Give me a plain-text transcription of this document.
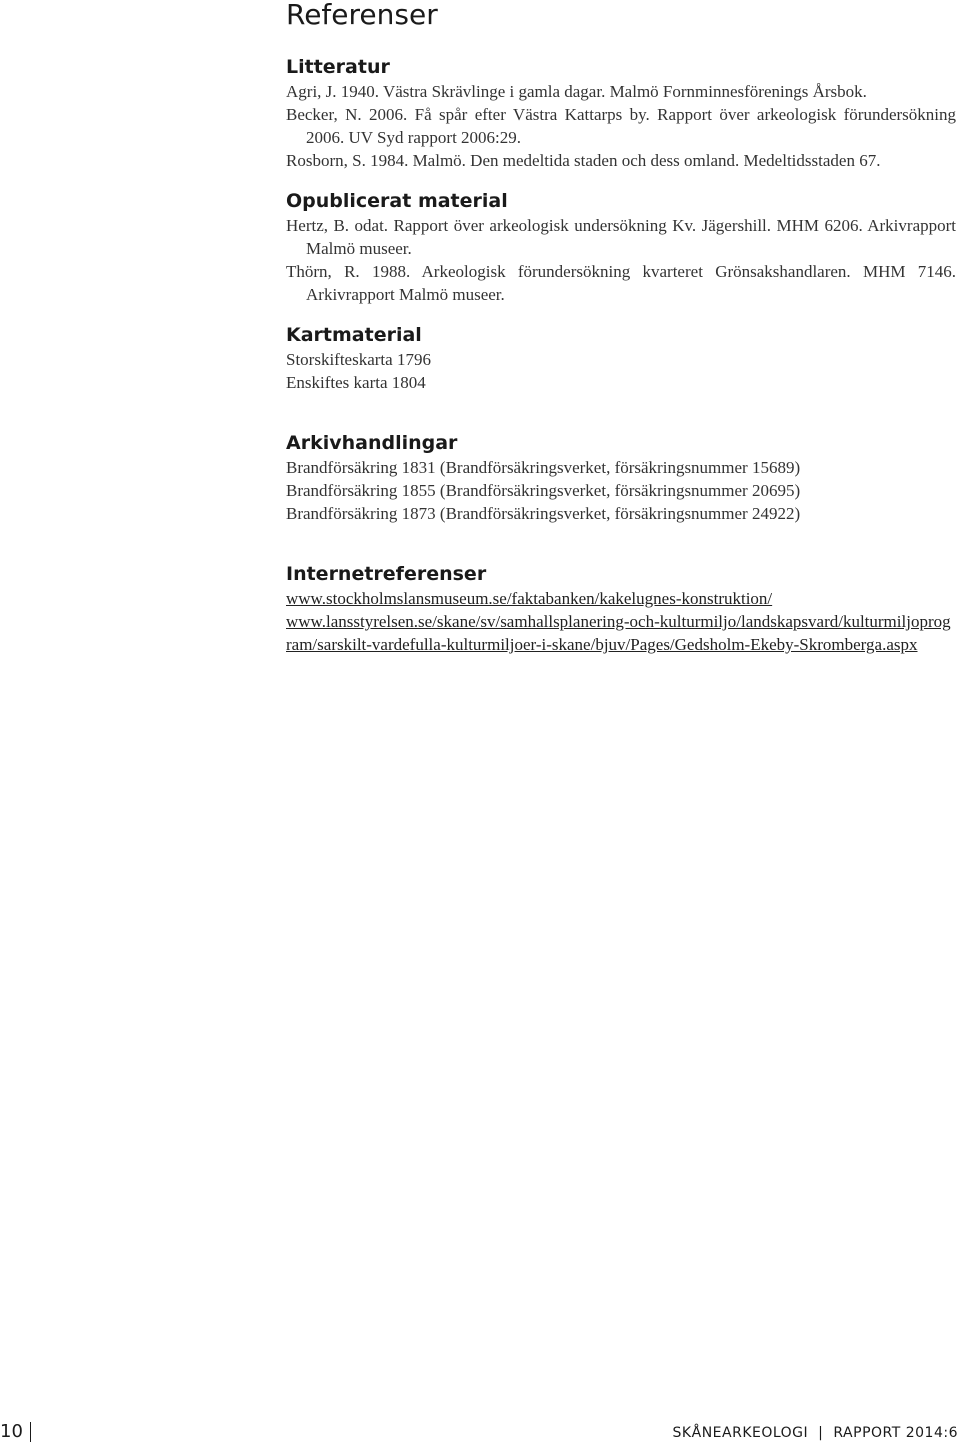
Referenser
Litteratur

Agri, J. 1940. Västra Skrävlinge i gamla dagar. Malmö Fornminnesförenings Årsbok.

Becker, N. 2006. Få spår efter Västra Kattarps by. Rapport över arkeologisk förundersökning 2006. UV Syd rapport 2006:29.

Rosborn, S. 1984. Malmö. Den medeltida staden och dess omland. Medeltidsstaden 67.

Opublicerat material

Hertz, B. odat. Rapport över arkeologisk undersökning Kv. Jägershill. MHM 6206. Arkivrapport Malmö museer.

Thörn, R. 1988. Arkeologisk förundersökning kvarteret Grönsakshandlaren. MHM 7146. Arkivrapport Malmö museer.

Kartmaterial

Storskifteskarta 1796

Enskiftes karta 1804

Arkivhandlingar

Brandförsäkring 1831 (Brandförsäkringsverket, försäkringsnummer 15689)

Brandförsäkring 1855 (Brandförsäkringsverket, försäkringsnummer 20695)

Brandförsäkring 1873 (Brandförsäkringsverket, försäkringsnummer 24922)

Internetreferenser
www.stockholmslansmuseum.se/faktabanken/kakelugnes-konstruktion/
www.lansstyrelsen.se/skane/sv/samhallsplanering-och-kulturmiljo/landskapsvard/kulturmiljoprogram/sarskilt-vardefulla-kulturmiljoer-i-skane/bjuv/Pages/Gedsholm-Ekeby-Skromberga.aspx
10	SKÅNEARKEOLOGI | RAPPORT 2014:6
